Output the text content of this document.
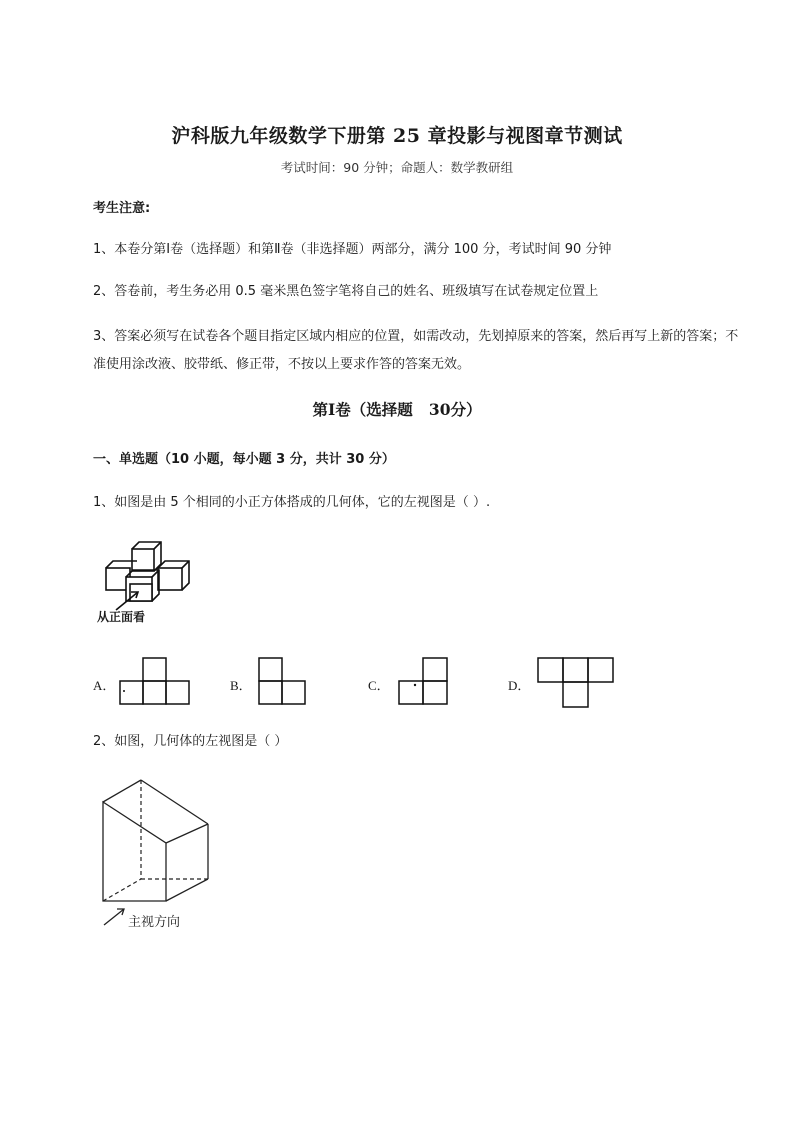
沪科版九年级数学下册第 25 章投影与视图章节测试
考试时间：90 分钟；命题人：数学教研组
考生注意:
1、本卷分第Ⅰ卷（选择题）和第Ⅱ卷（非选择题）两部分，满分 100 分，考试时间 90 分钟
2、答卷前，考生务必用 0.5 毫米黑色签字笔将自己的姓名、班级填写在试卷规定位置上
3、答案必须写在试卷各个题目指定区域内相应的位置，如需改动，先划掉原来的答案，然后再写上新的答案；不准使用涂改液、胶带纸、修正带，不按以上要求作答的答案无效。
第Ⅰ卷（选择题   30分）
一、单选题（10 小题，每小题 3 分，共计 30 分）
1、如图是由 5 个相同的小正方体搭成的几何体，它的左视图是（ ）.
从正面看
A．	B．	C．	D．
2、如图，几何体的左视图是（ ）
主视方向
